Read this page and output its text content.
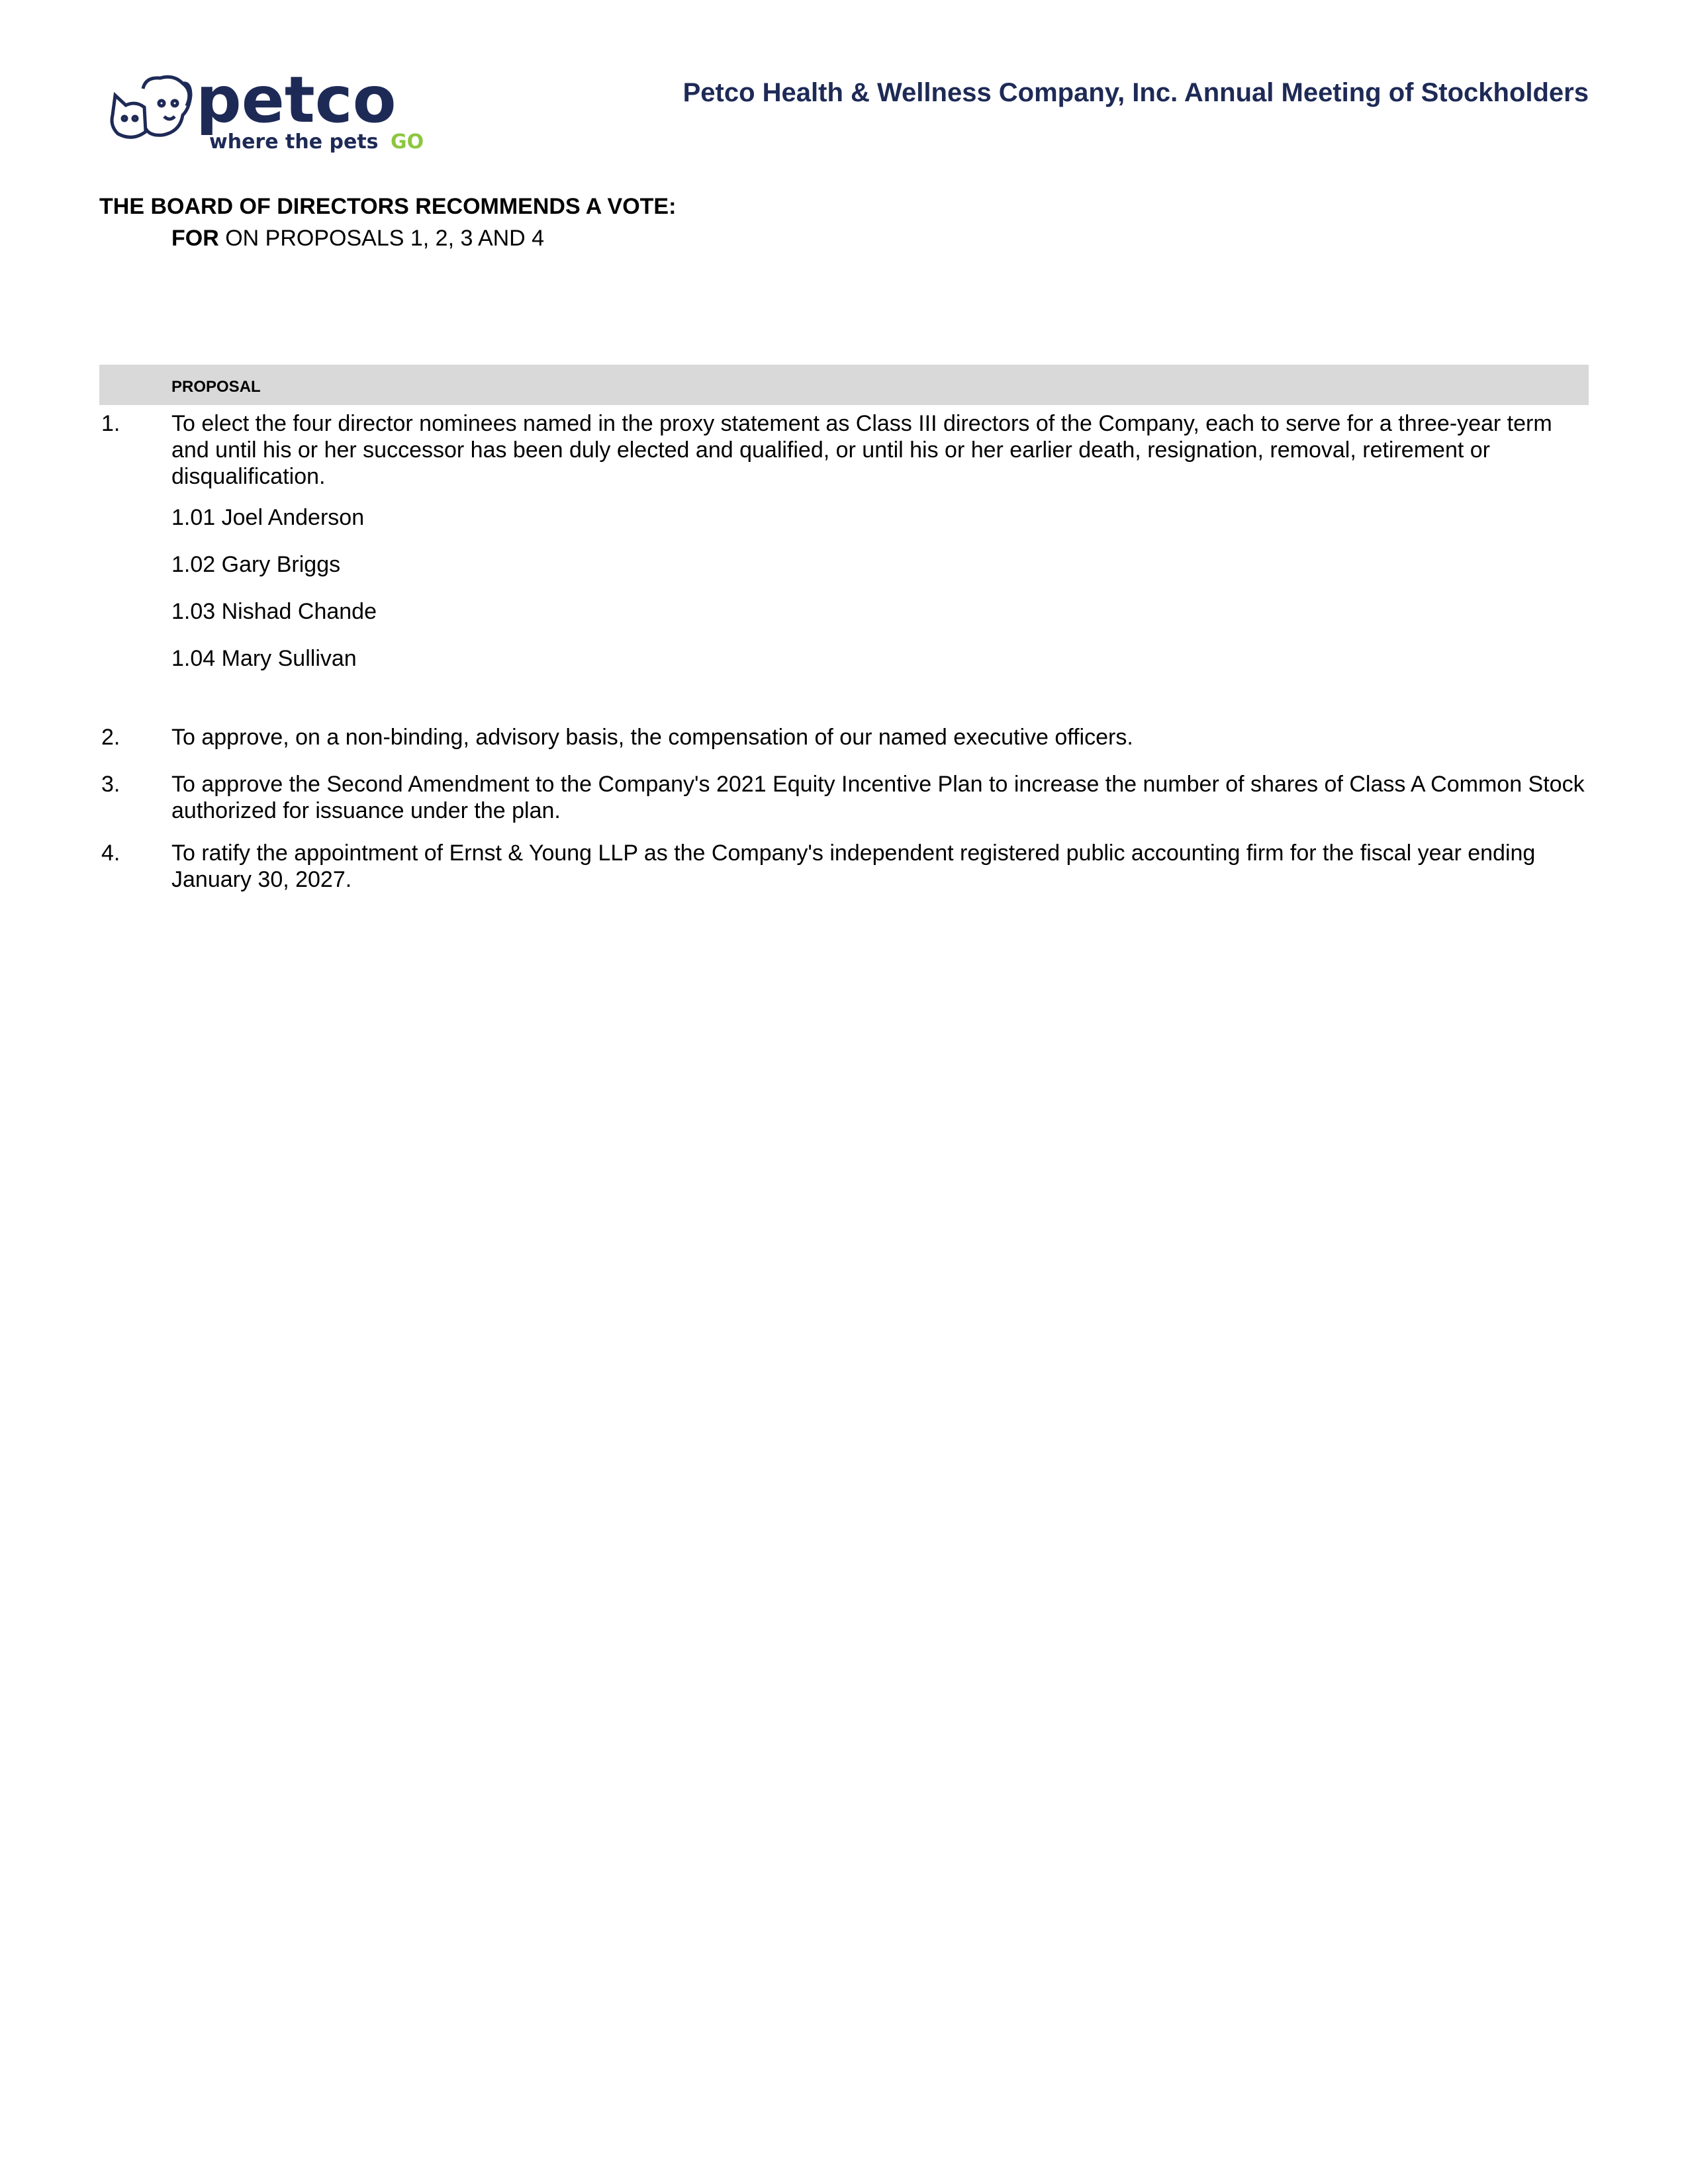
petco
where the pets GO
Petco Health & Wellness Company, Inc. Annual Meeting of Stockholders
THE BOARD OF DIRECTORS RECOMMENDS A VOTE:
FOR ON PROPOSALS 1, 2, 3 AND 4
PROPOSAL
1. To elect the four director nominees named in the proxy statement as Class III directors of the Company, each to serve for a three-year term and until his or her successor has been duly elected and qualified, or until his or her earlier death, resignation, removal, retirement or disqualification.
1.01 Joel Anderson
1.02 Gary Briggs
1.03 Nishad Chande
1.04 Mary Sullivan
2. To approve, on a non-binding, advisory basis, the compensation of our named executive officers.
3. To approve the Second Amendment to the Company's 2021 Equity Incentive Plan to increase the number of shares of Class A Common Stock authorized for issuance under the plan.
4. To ratify the appointment of Ernst & Young LLP as the Company's independent registered public accounting firm for the fiscal year ending January 30, 2027.
